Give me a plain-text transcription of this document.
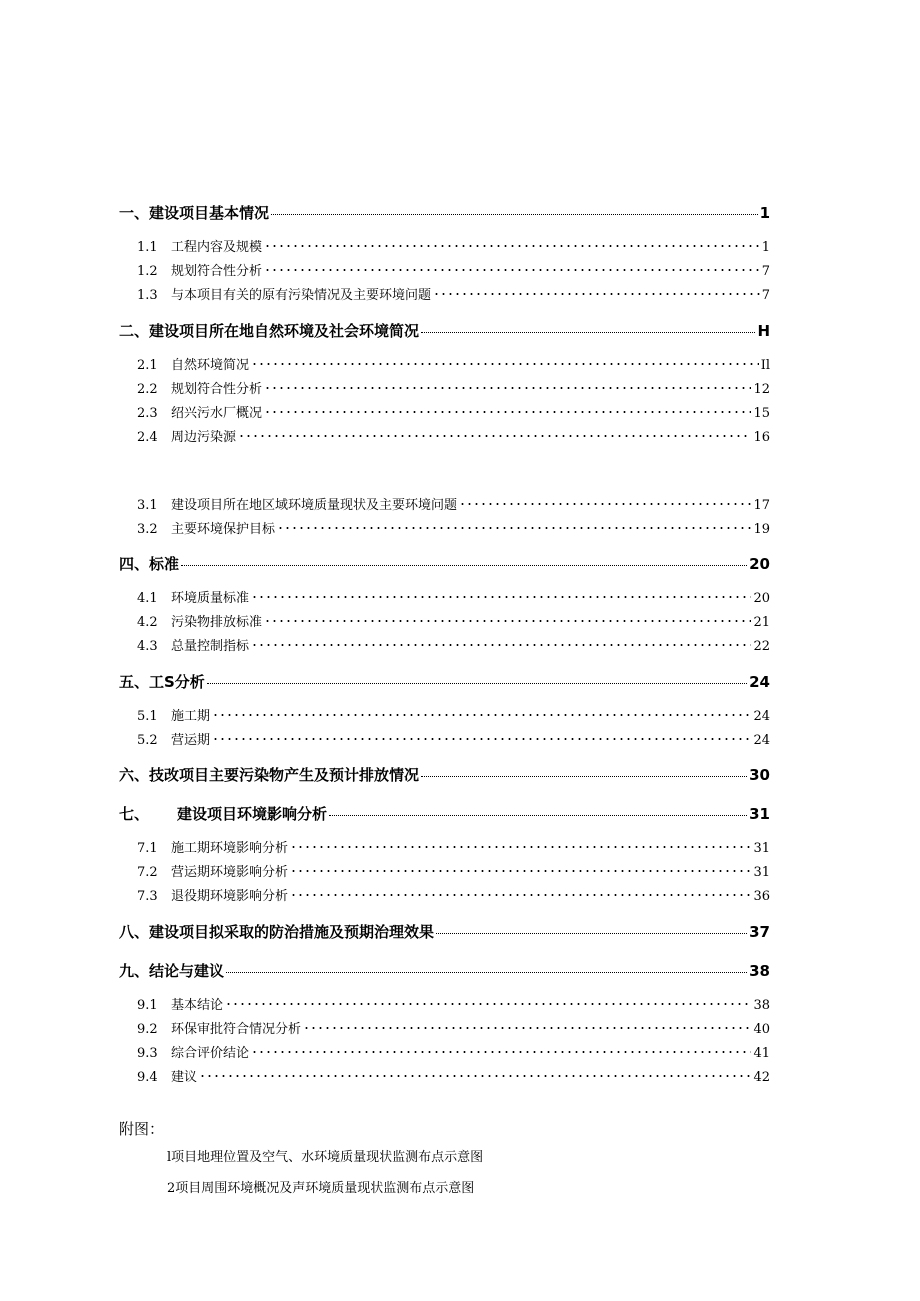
一、建设项目基本情况	1
1.1	工程内容及规模	1
1.2	规划符合性分析	7
1.3	与本项目有关的原有污染情况及主要环境问题	7
二、建设项目所在地自然环境及社会环境简况	H
2.1	自然环境简况	Il
2.2	规划符合性分析	12
2.3	绍兴污水厂概况	15
2.4	周边污染源	16
3.1	建设项目所在地区域环境质量现状及主要环境问题	17
3.2	主要环境保护目标	19
四、标准	20
4.1	环境质量标准	20
4.2	污染物排放标准	21
4.3	总量控制指标	22
五、工S分析	24
5.1	施工期	24
5.2	营运期	24
六、技改项目主要污染物产生及预计排放情况	30
七、 建设项目环境影响分析	31
7.1	施工期环境影响分析	31
7.2	营运期环境影响分析	31
7.3	退役期环境影响分析	36
八、建设项目拟采取的防治措施及预期治理效果	37
九、结论与建议	38
9.1	基本结论	38
9.2	环保审批符合情况分析	40
9.3	综合评价结论	41
9.4	建议	42
附图：
l项目地理位置及空气、水环境质量现状监测布点示意图
2项目周围环境概况及声环境质量现状监测布点示意图
